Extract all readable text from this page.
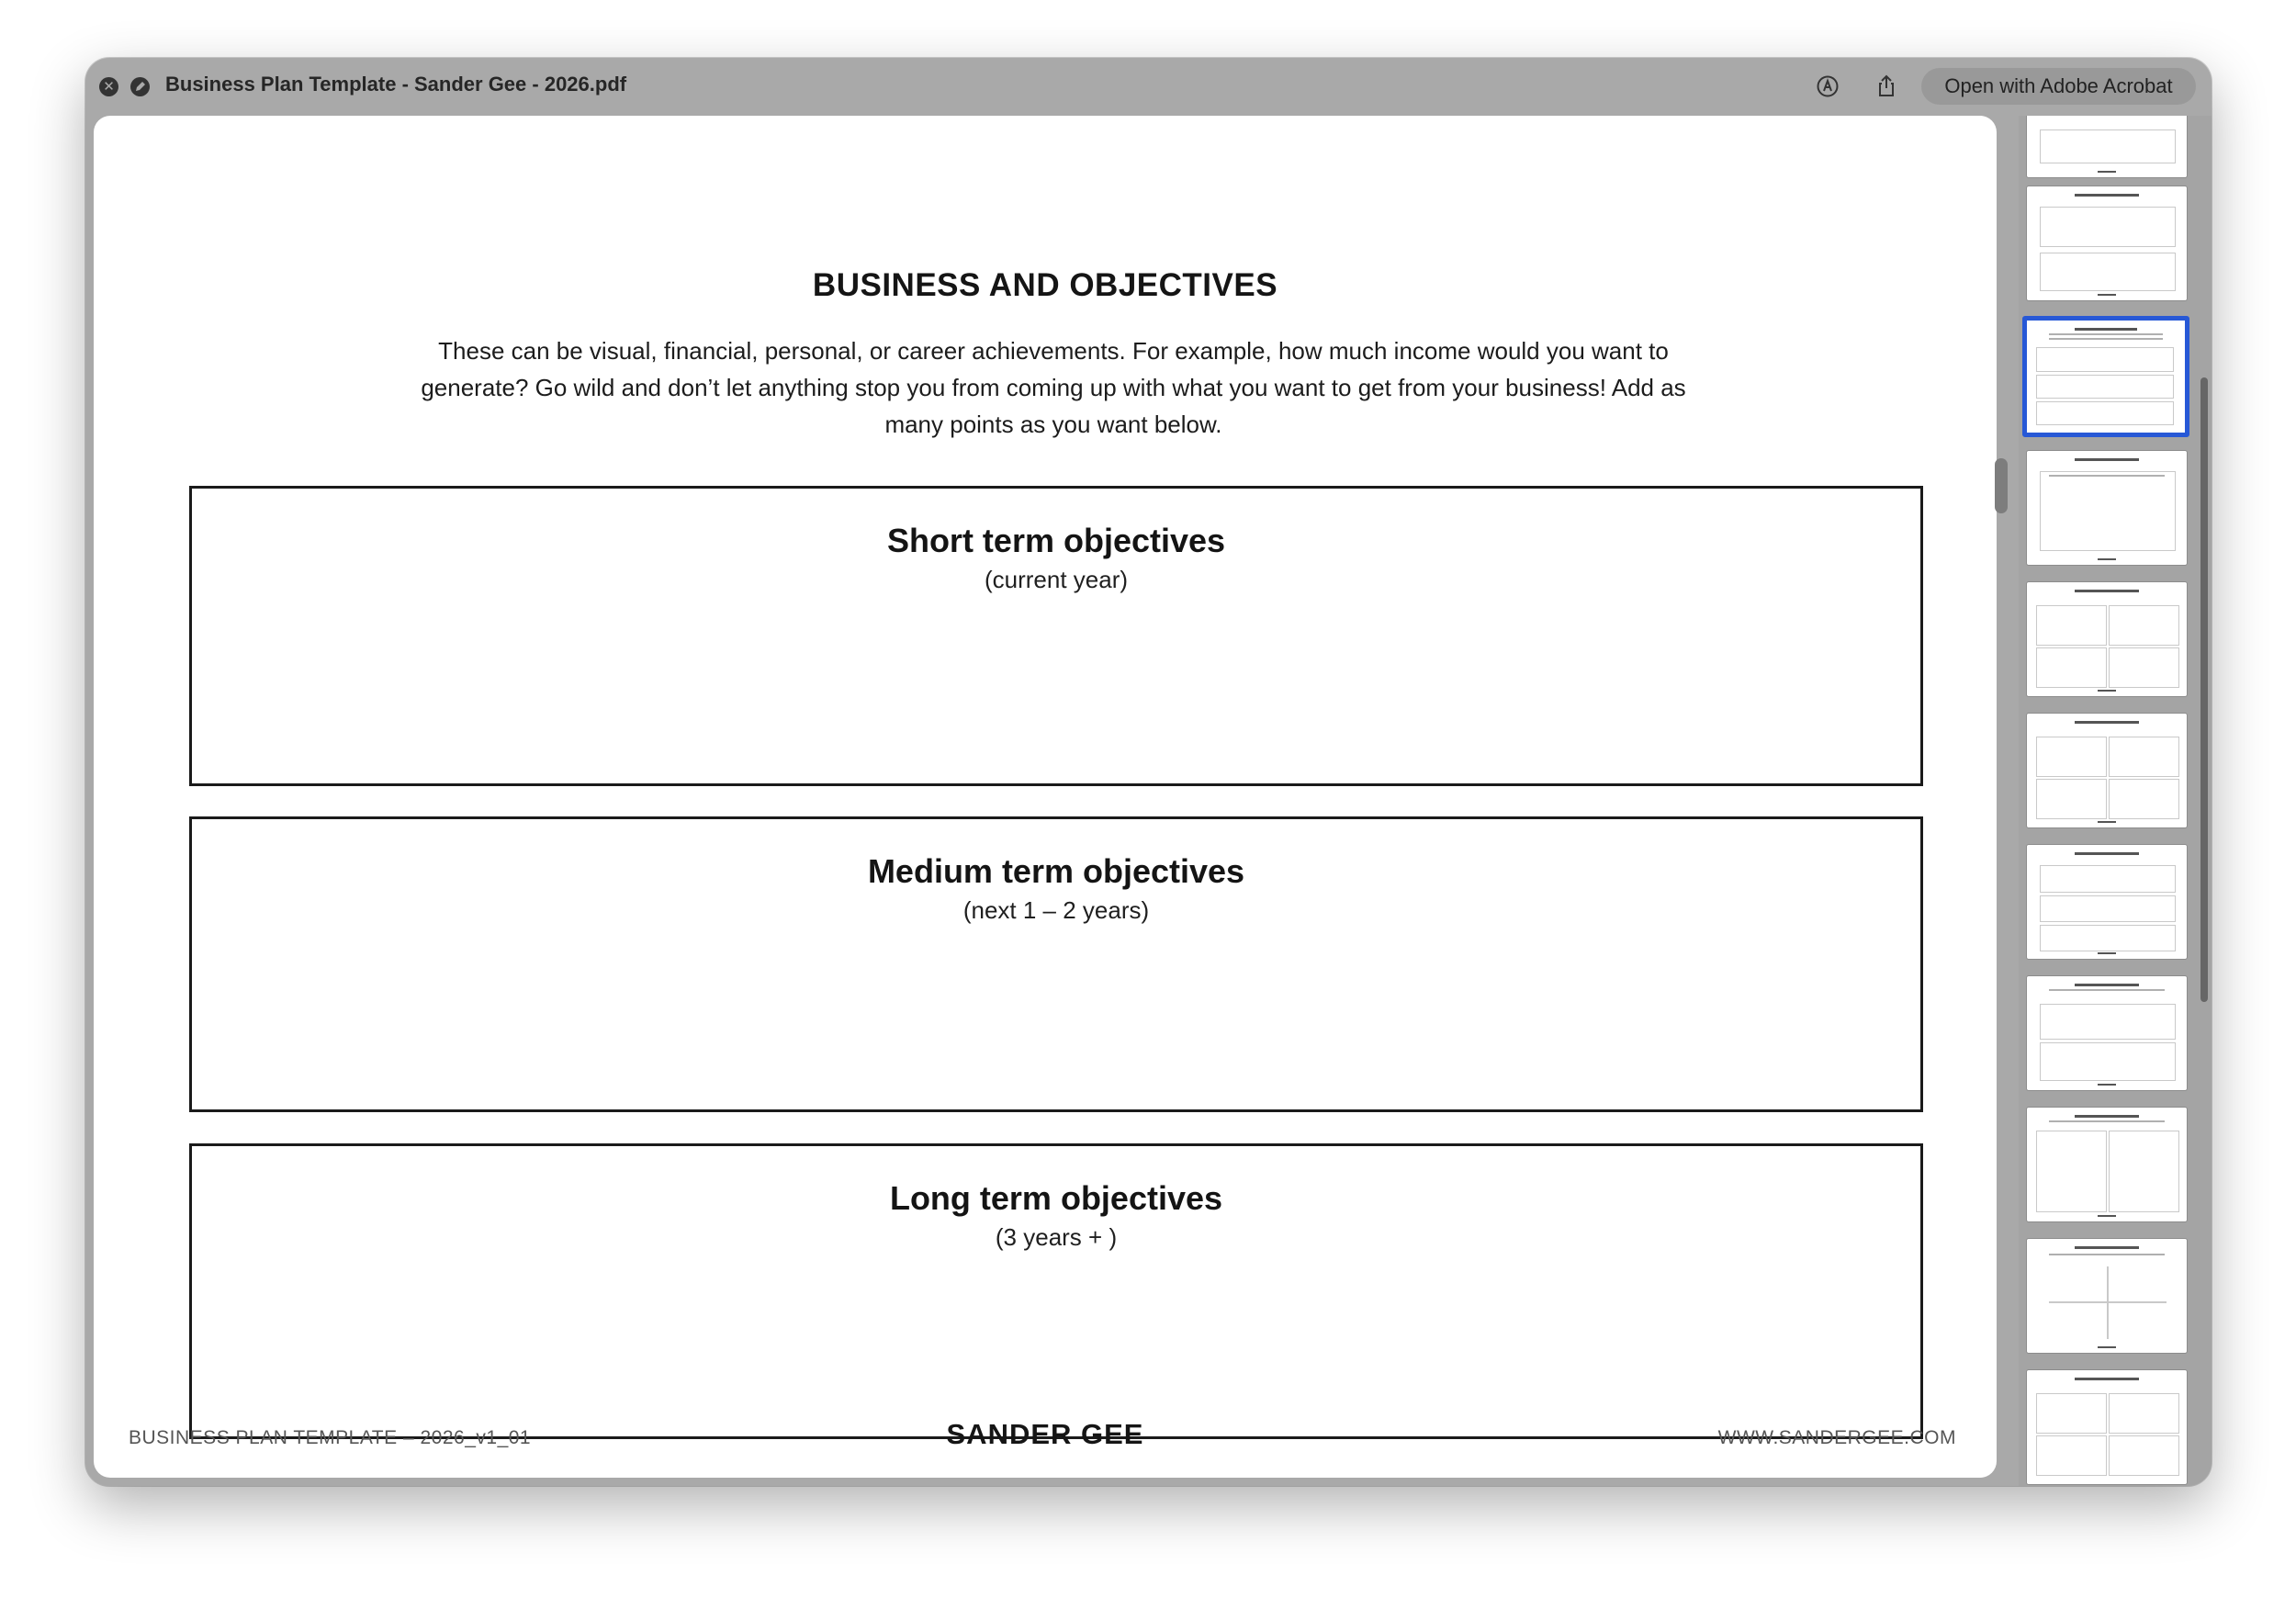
✕	Business Plan Template - Sander Gee - 2026.pdf	Open with Adobe Acrobat
BUSINESS AND OBJECTIVES
These can be visual, financial, personal, or career achievements. For example, how much income would you want to generate? Go wild and don’t let anything stop you from coming up with what you want to get from your business! Add as many points as you want below.
Short term objectives
(current year)
Medium term objectives
(next 1 – 2 years)
Long term objectives
(3 years + )
BUSINESS PLAN TEMPLATE – 2026_v1_01	SANDER GEE	WWW.SANDERGEE.COM
